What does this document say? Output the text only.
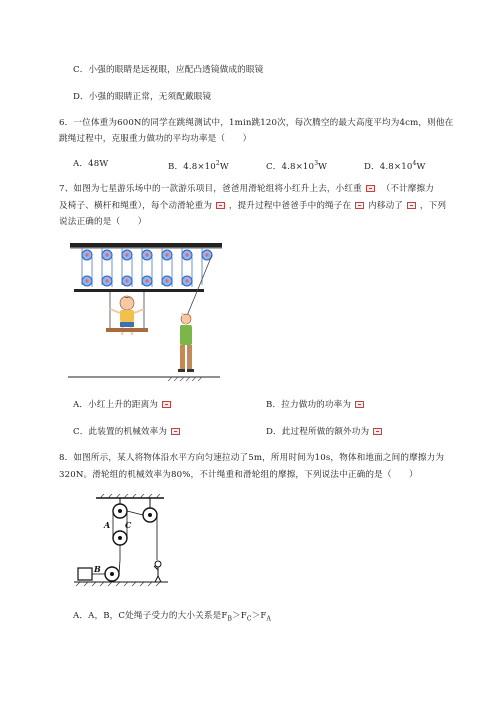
C．小强的眼睛是远视眼，应配凸透镜做成的眼镜
D．小强的眼睛正常，无须配戴眼镜
6．一位体重为600N的同学在跳绳测试中，1min跳120次，每次腾空的最大高度平均为4cm，则他在
跳绳过程中，克服重力做功的平均功率是（　　）
A．48W	B．$4.8\times 10^2W$	C．$4.8\times 10^3W$	D．$4.8\times 10^4W$
7、如图为七星游乐场中的一款游乐项目，爸爸用滑轮组将小红升上去，小红重 （不计摩擦力
及椅子、横杆和绳重），每个动滑轮重为 ，提升过程中爸爸手中的绳子在 内移动了 ，下列
说法正确的是（　　）
A．小红上升的距离为	B．拉力做功的功率为
C．此装置的机械效率为	D．此过程所做的额外功为
8．如图所示，某人将物体沿水平方向匀速拉动了5m，所用时间为10s，物体和地面之间的摩擦力为
320N。滑轮组的机械效率为80%，不计绳重和滑轮组的摩擦，下列说法中正确的是（　　）
A C
B
A．A，B，C处绳子受力的大小关系是$F_B>F_C>F_A$
